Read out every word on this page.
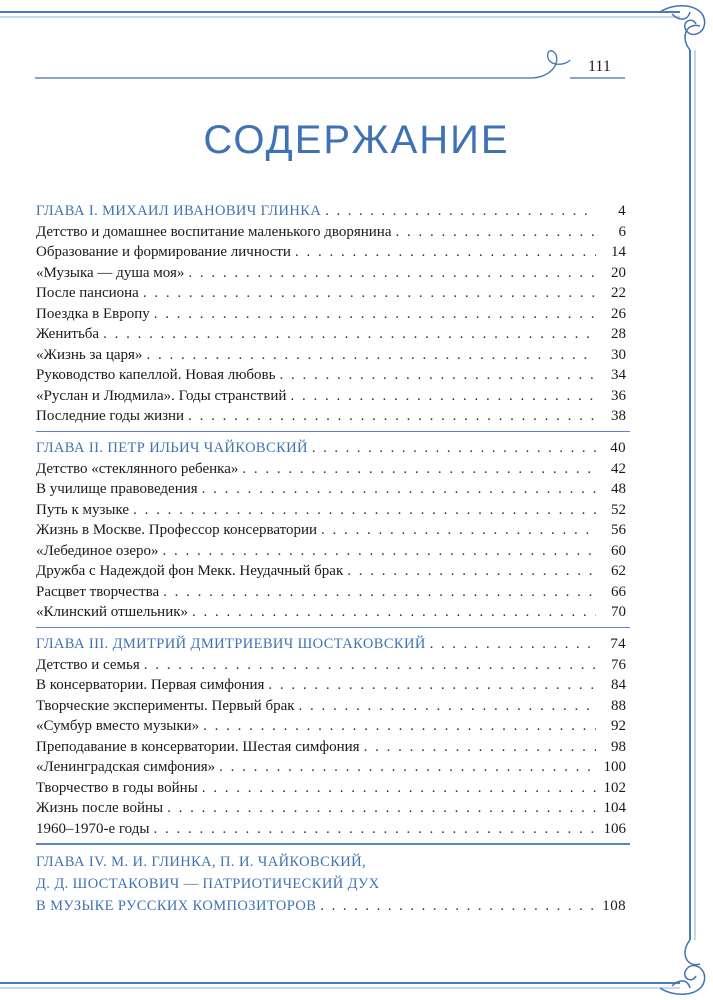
111
СОДЕРЖАНИЕ
ГЛАВА I. МИХАИЛ ИВАНОВИЧ ГЛИНКА . . .	4
Детство и домашнее воспитание маленького дворянина . . .	6
Образование и формирование личности . . .	14
«Музыка — душа моя» . . .	20
После пансиона . . .	22
Поездка в Европу . . .	26
Женитьба . . .	28
«Жизнь за царя» . . .	30
Руководство капеллой. Новая любовь . . .	34
«Руслан и Людмила». Годы странствий . . .	36
Последние годы жизни . . .	38
ГЛАВА II. ПЕТР ИЛЬИЧ ЧАЙКОВСКИЙ . . .	40
Детство «стеклянного ребенка» . . .	42
В училище правоведения . . .	48
Путь к музыке . . .	52
Жизнь в Москве. Профессор консерватории . . .	56
«Лебединое озеро» . . .	60
Дружба с Надеждой фон Мекк. Неудачный брак . . .	62
Расцвет творчества . . .	66
«Клинский отшельник» . . .	70
ГЛАВА III. ДМИТРИЙ ДМИТРИЕВИЧ ШОСТАКОВСКИЙ . . .	74
Детство и семья . . .	76
В консерватории. Первая симфония . . .	84
Творческие эксперименты. Первый брак . . .	88
«Сумбур вместо музыки» . . .	92
Преподавание в консерватории. Шестая симфония . . .	98
«Ленинградская симфония» . . .	100
Творчество в годы войны . . .	102
Жизнь после войны . . .	104
1960–1970-е годы . . .	106
ГЛАВА IV. М. И. ГЛИНКА, П. И. ЧАЙКОВСКИЙ,
Д. Д. ШОСТАКОВИЧ — ПАТРИОТИЧЕСКИЙ ДУХ
В МУЗЫКЕ РУССКИХ КОМПОЗИТОРОВ . . .	108
